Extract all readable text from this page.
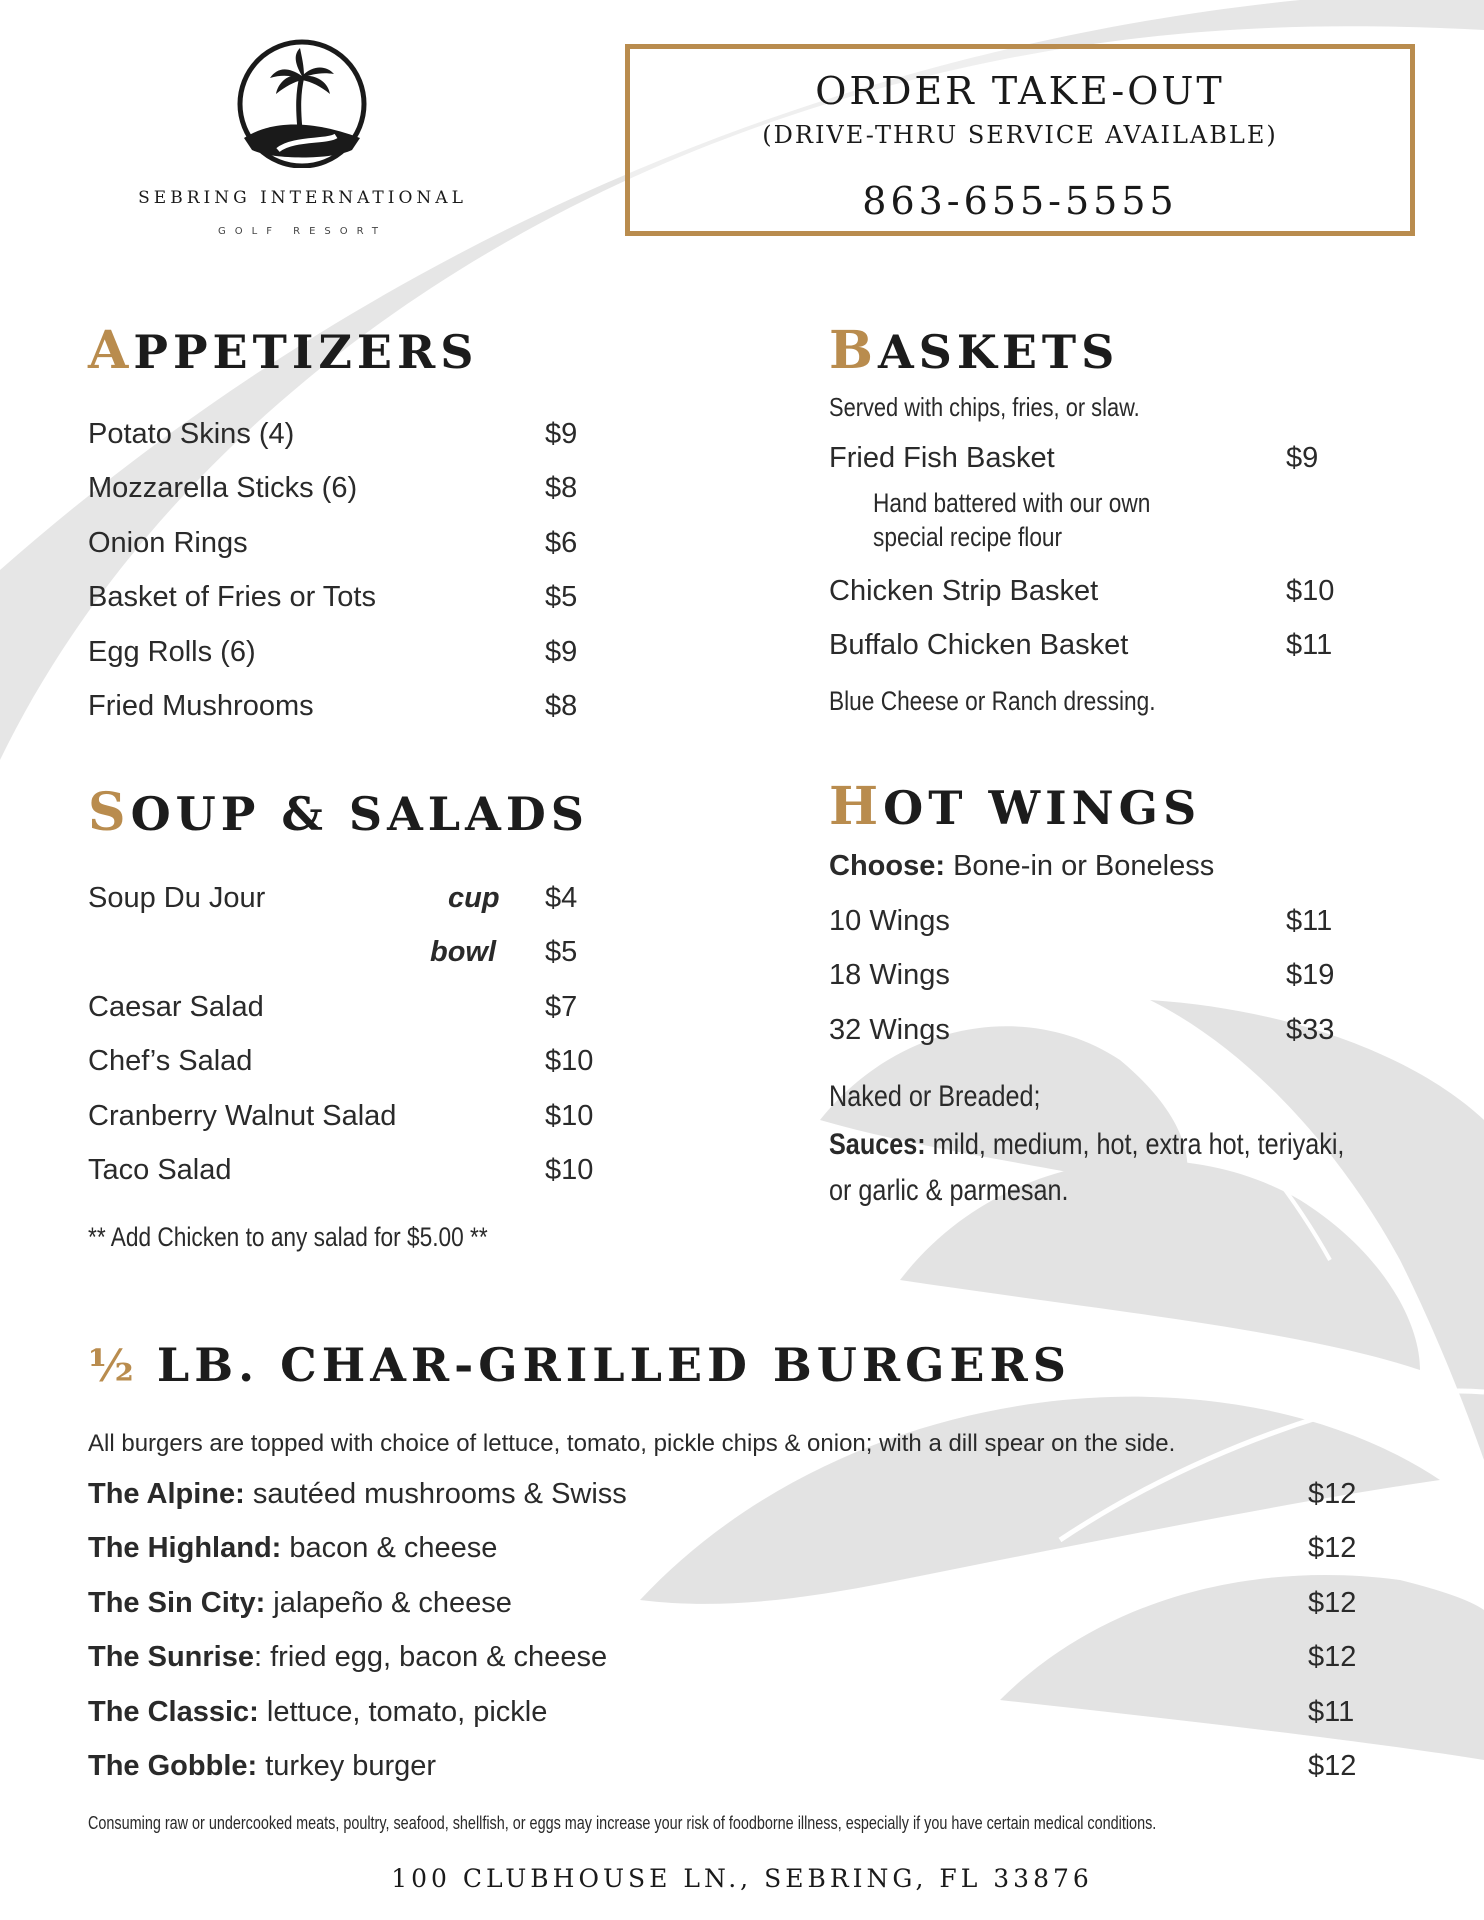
SEBRING INTERNATIONAL
GOLF RESORT
ORDER TAKE-OUT
(DRIVE-THRU SERVICE AVAILABLE)
863-655-5555
APPETIZERS
Potato Skins (4)	$9
Mozzarella Sticks (6)	$8
Onion Rings	$6
Basket of Fries or Tots	$5
Egg Rolls (6)	$9
Fried Mushrooms	$8
SOUP & SALADS
Soup Du Jour	cup $4
bowl $5
Caesar Salad	$7
Chef’s Salad	$10
Cranberry Walnut Salad	$10
Taco Salad	$10
** Add Chicken to any salad for $5.00 **
BASKETS
Served with chips, fries, or slaw.
Fried Fish Basket	$9
Hand battered with our own
special recipe flour
Chicken Strip Basket	$10
Buffalo Chicken Basket	$11
Blue Cheese or Ranch dressing.
HOT WINGS
Choose: Bone-in or Boneless
10 Wings	$11
18 Wings	$19
32 Wings	$33
Naked or Breaded;
Sauces: mild, medium, hot, extra hot, teriyaki,
or garlic & parmesan.
½ LB. CHAR-GRILLED BURGERS
All burgers are topped with choice of lettuce, tomato, pickle chips & onion; with a dill spear on the side.
The Alpine: sautéed mushrooms & Swiss	$12
The Highland: bacon & cheese	$12
The Sin City: jalapeño & cheese	$12
The Sunrise: fried egg, bacon & cheese	$12
The Classic: lettuce, tomato, pickle	$11
The Gobble: turkey burger	$12
Consuming raw or undercooked meats, poultry, seafood, shellfish, or eggs may increase your risk of foodborne illness, especially if you have certain medical conditions.
100 CLUBHOUSE LN., SEBRING, FL 33876
